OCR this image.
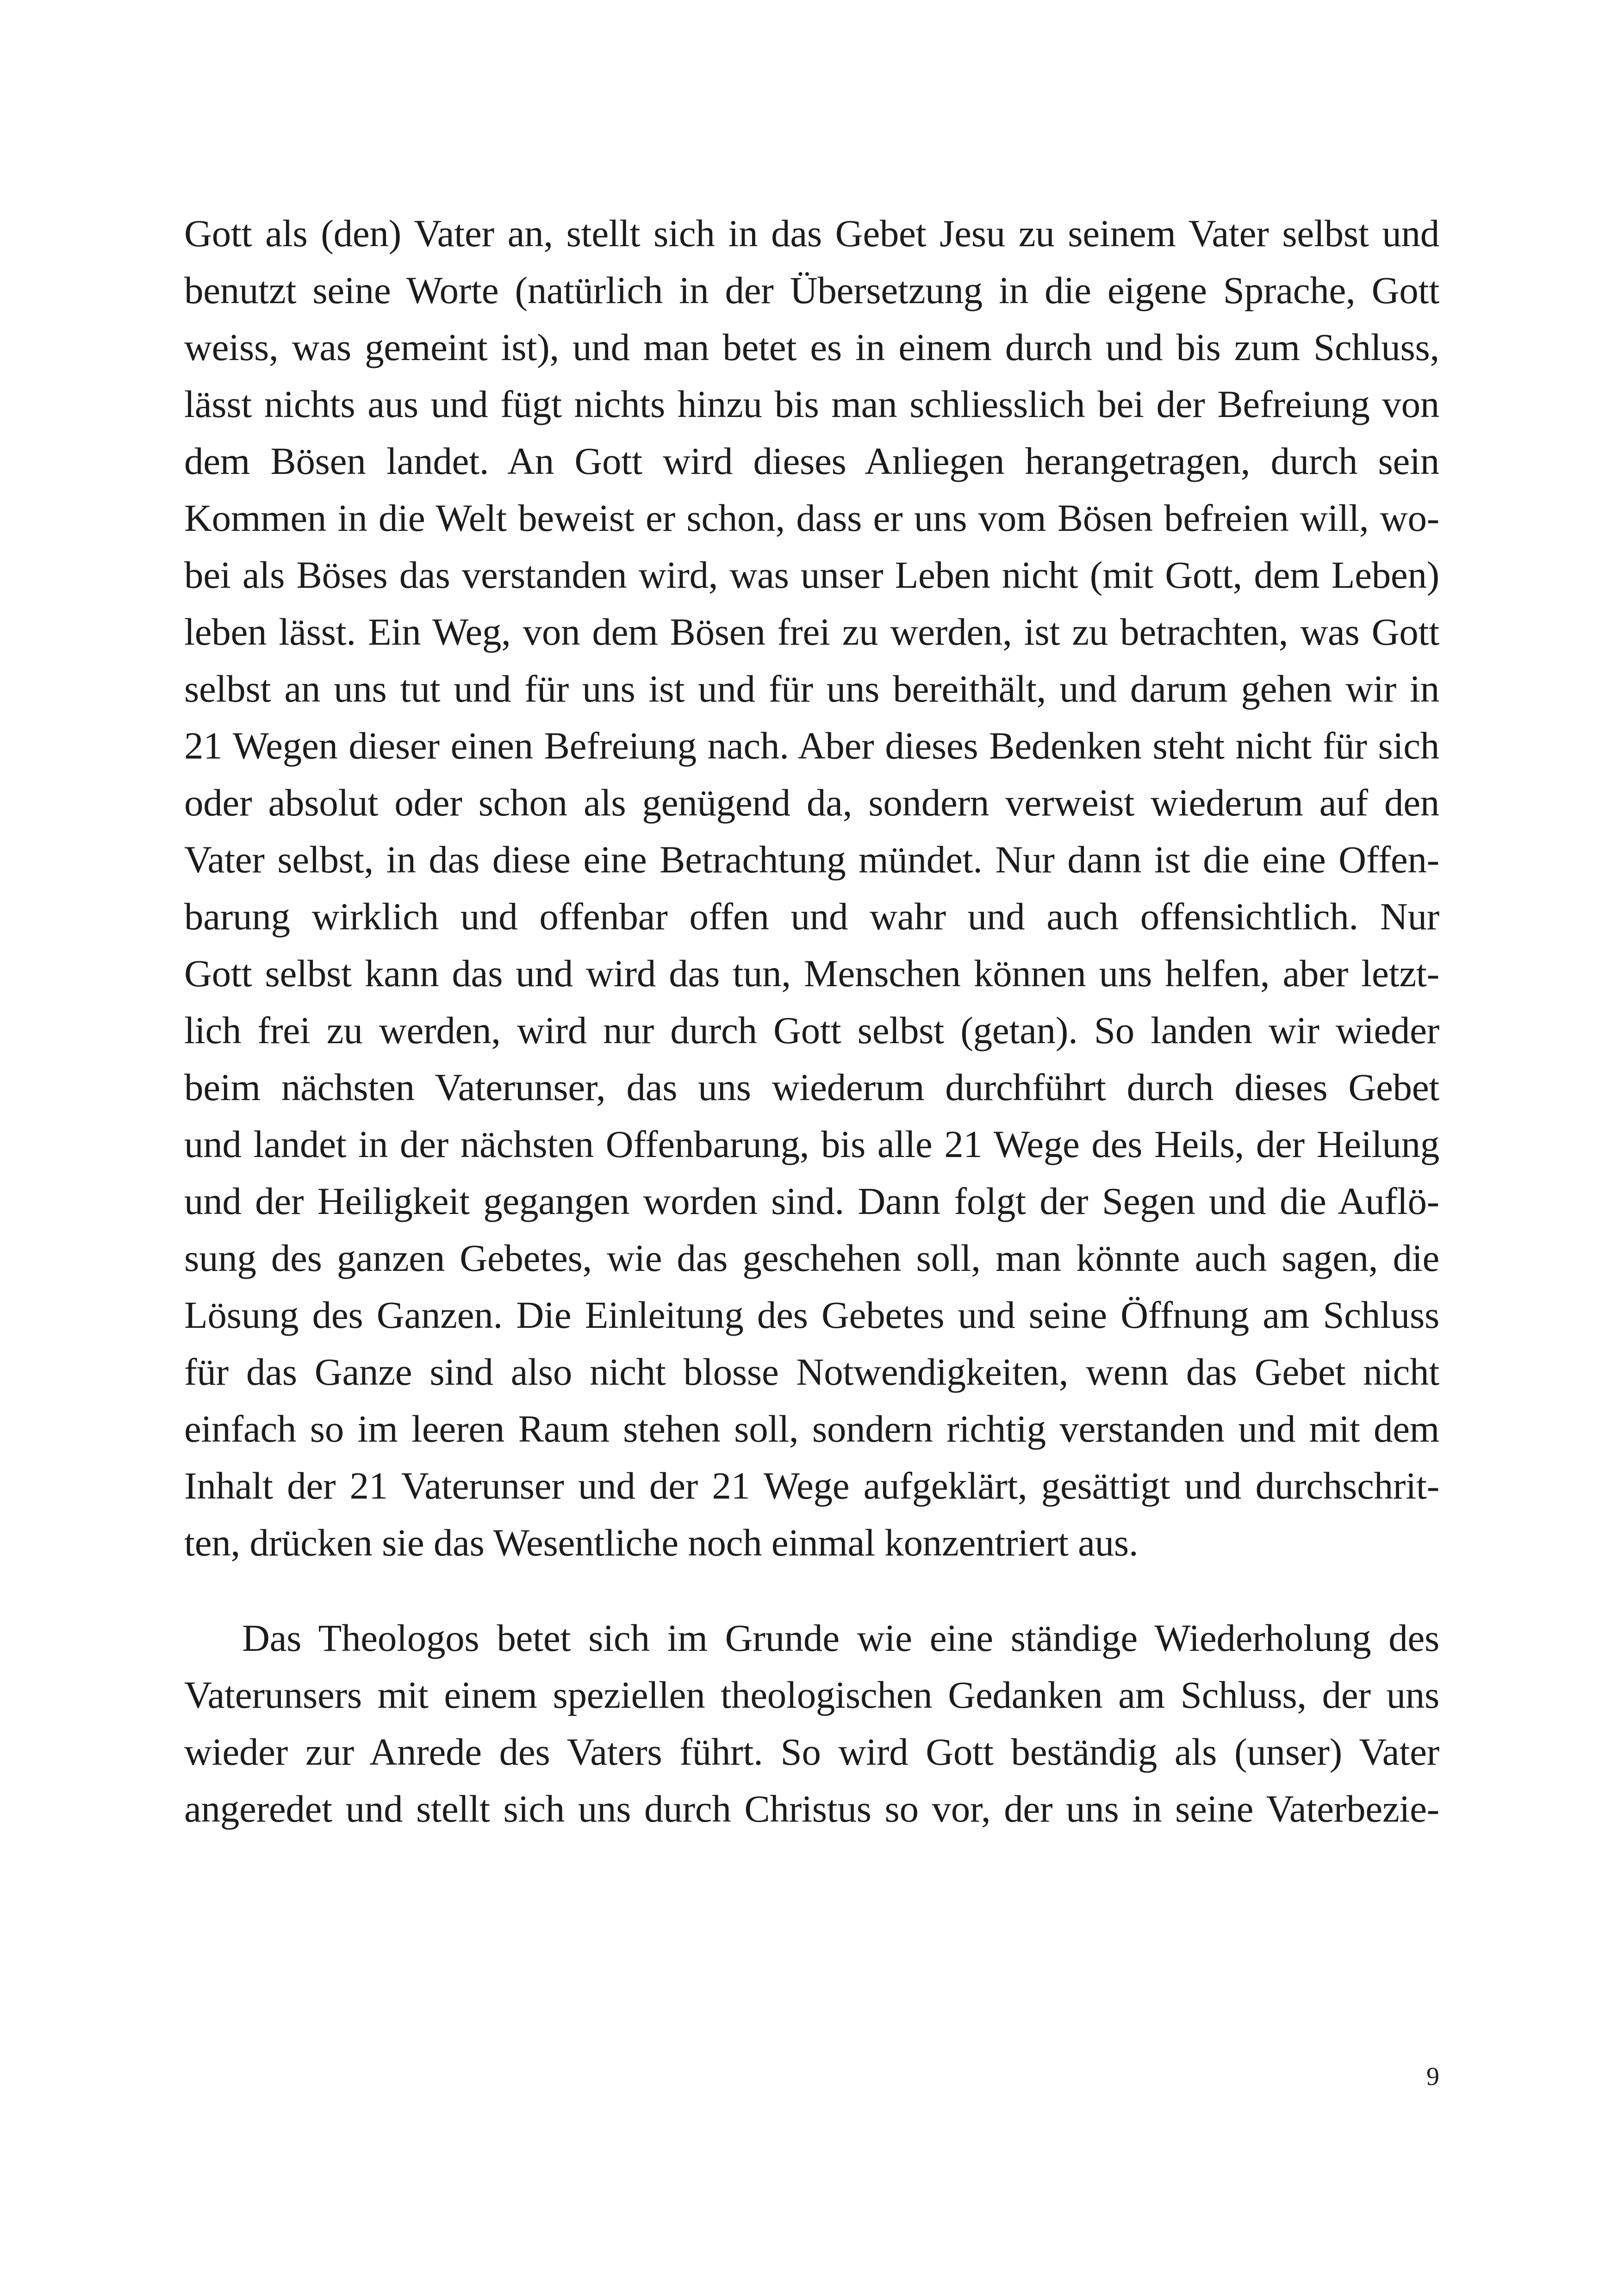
Gott als (den) Vater an, stellt sich in das Gebet Jesu zu seinem Vater selbst und
benutzt seine Worte (natürlich in der Übersetzung in die eigene Sprache, Gott
weiss, was gemeint ist), und man betet es in einem durch und bis zum Schluss,
lässt nichts aus und fügt nichts hinzu bis man schliesslich bei der Befreiung von
dem Bösen landet. An Gott wird dieses Anliegen herangetragen, durch sein
Kommen in die Welt beweist er schon, dass er uns vom Bösen befreien will, wo-
bei als Böses das verstanden wird, was unser Leben nicht (mit Gott, dem Leben)
leben lässt. Ein Weg, von dem Bösen frei zu werden, ist zu betrachten, was Gott
selbst an uns tut und für uns ist und für uns bereithält, und darum gehen wir in
21 Wegen dieser einen Befreiung nach. Aber dieses Bedenken steht nicht für sich
oder absolut oder schon als genügend da, sondern verweist wiederum auf den
Vater selbst, in das diese eine Betrachtung mündet. Nur dann ist die eine Offen-
barung wirklich und offenbar offen und wahr und auch offensichtlich. Nur
Gott selbst kann das und wird das tun, Menschen können uns helfen, aber letzt-
lich frei zu werden, wird nur durch Gott selbst (getan). So landen wir wieder
beim nächsten Vaterunser, das uns wiederum durchführt durch dieses Gebet
und landet in der nächsten Offenbarung, bis alle 21 Wege des Heils, der Heilung
und der Heiligkeit gegangen worden sind. Dann folgt der Segen und die Auflö-
sung des ganzen Gebetes, wie das geschehen soll, man könnte auch sagen, die
Lösung des Ganzen. Die Einleitung des Gebetes und seine Öffnung am Schluss
für das Ganze sind also nicht blosse Notwendigkeiten, wenn das Gebet nicht
einfach so im leeren Raum stehen soll, sondern richtig verstanden und mit dem
Inhalt der 21 Vaterunser und der 21 Wege aufgeklärt, gesättigt und durchschrit-
ten, drücken sie das Wesentliche noch einmal konzentriert aus.
Das Theologos betet sich im Grunde wie eine ständige Wiederholung des
Vaterunsers mit einem speziellen theologischen Gedanken am Schluss, der uns
wieder zur Anrede des Vaters führt. So wird Gott beständig als (unser) Vater
angeredet und stellt sich uns durch Christus so vor, der uns in seine Vaterbezie-
9
